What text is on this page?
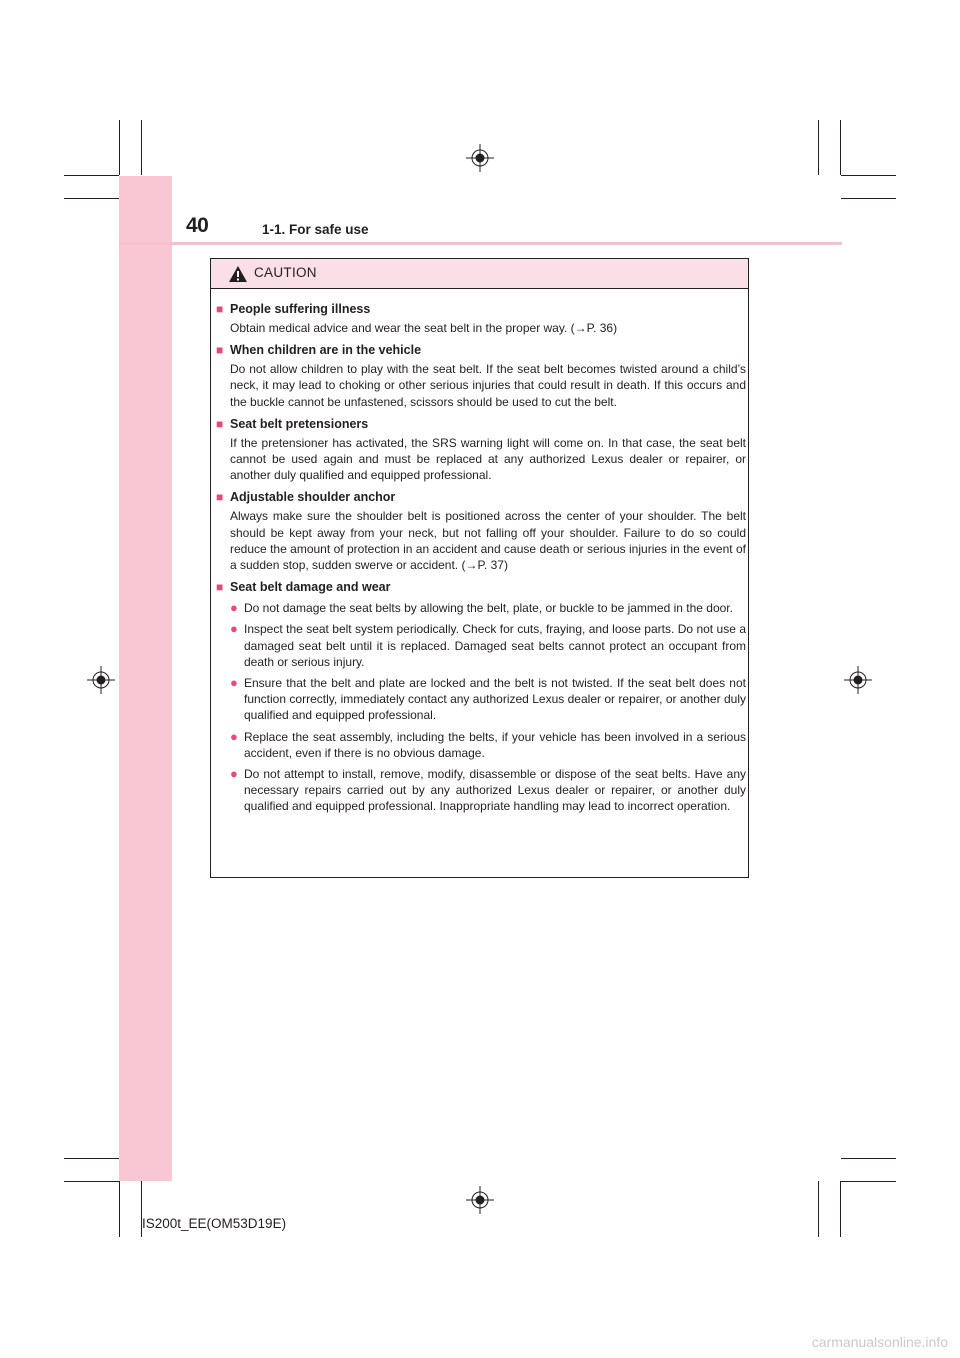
40	1-1. For safe use
CAUTION

■ People suffering illness

Obtain medical advice and wear the seat belt in the proper way. (→P. 36)

■ When children are in the vehicle

Do not allow children to play with the seat belt. If the seat belt becomes twisted around a child’s neck, it may lead to choking or other serious injuries that could result in death. If this occurs and the buckle cannot be unfastened, scissors should be used to cut the belt.

■ Seat belt pretensioners

If the pretensioner has activated, the SRS warning light will come on. In that case, the seat belt cannot be used again and must be replaced at any authorized Lexus dealer or repairer, or another duly qualified and equipped professional.

■ Adjustable shoulder anchor

Always make sure the shoulder belt is positioned across the center of your shoulder. The belt should be kept away from your neck, but not falling off your shoulder. Failure to do so could reduce the amount of protection in an accident and cause death or serious injuries in the event of a sudden stop, sudden swerve or accident. (→P. 37)

■ Seat belt damage and wear

● Do not damage the seat belts by allowing the belt, plate, or buckle to be jammed in the door.
● Inspect the seat belt system periodically. Check for cuts, fraying, and loose parts. Do not use a damaged seat belt until it is replaced. Damaged seat belts cannot protect an occupant from death or serious injury.
● Ensure that the belt and plate are locked and the belt is not twisted. If the seat belt does not function correctly, immediately contact any authorized Lexus dealer or repairer, or another duly qualified and equipped professional.
● Replace the seat assembly, including the belts, if your vehicle has been involved in a serious accident, even if there is no obvious damage.
● Do not attempt to install, remove, modify, disassemble or dispose of the seat belts. Have any necessary repairs carried out by any authorized Lexus dealer or repairer, or another duly qualified and equipped professional. Inappropriate handling may lead to incorrect operation.
IS200t_EE(OM53D19E)
carmanualsonline.info
